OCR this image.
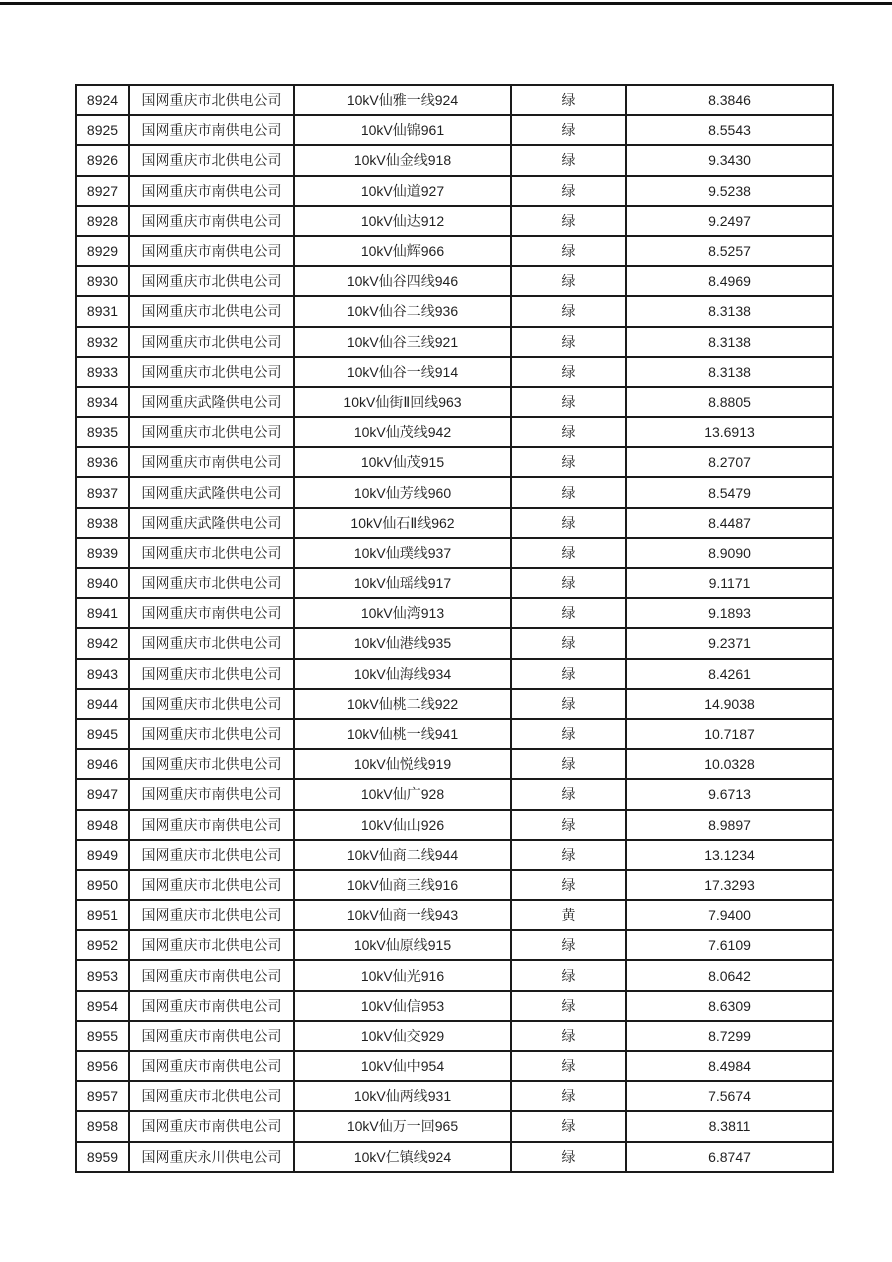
8924	国网重庆市北供电公司	10kV仙雅一线924	绿	8.3846
8925	国网重庆市南供电公司	10kV仙锦961	绿	8.5543
8926	国网重庆市北供电公司	10kV仙金线918	绿	9.3430
8927	国网重庆市南供电公司	10kV仙道927	绿	9.5238
8928	国网重庆市南供电公司	10kV仙达912	绿	9.2497
8929	国网重庆市南供电公司	10kV仙辉966	绿	8.5257
8930	国网重庆市北供电公司	10kV仙谷四线946	绿	8.4969
8931	国网重庆市北供电公司	10kV仙谷二线936	绿	8.3138
8932	国网重庆市北供电公司	10kV仙谷三线921	绿	8.3138
8933	国网重庆市北供电公司	10kV仙谷一线914	绿	8.3138
8934	国网重庆武隆供电公司	10kV仙街Ⅱ回线963	绿	8.8805
8935	国网重庆市北供电公司	10kV仙茂线942	绿	13.6913
8936	国网重庆市南供电公司	10kV仙茂915	绿	8.2707
8937	国网重庆武隆供电公司	10kV仙芳线960	绿	8.5479
8938	国网重庆武隆供电公司	10kV仙石Ⅱ线962	绿	8.4487
8939	国网重庆市北供电公司	10kV仙璞线937	绿	8.9090
8940	国网重庆市北供电公司	10kV仙瑶线917	绿	9.1171
8941	国网重庆市南供电公司	10kV仙湾913	绿	9.1893
8942	国网重庆市北供电公司	10kV仙港线935	绿	9.2371
8943	国网重庆市北供电公司	10kV仙海线934	绿	8.4261
8944	国网重庆市北供电公司	10kV仙桃二线922	绿	14.9038
8945	国网重庆市北供电公司	10kV仙桃一线941	绿	10.7187
8946	国网重庆市北供电公司	10kV仙悦线919	绿	10.0328
8947	国网重庆市南供电公司	10kV仙广928	绿	9.6713
8948	国网重庆市南供电公司	10kV仙山926	绿	8.9897
8949	国网重庆市北供电公司	10kV仙商二线944	绿	13.1234
8950	国网重庆市北供电公司	10kV仙商三线916	绿	17.3293
8951	国网重庆市北供电公司	10kV仙商一线943	黄	7.9400
8952	国网重庆市北供电公司	10kV仙原线915	绿	7.6109
8953	国网重庆市南供电公司	10kV仙光916	绿	8.0642
8954	国网重庆市南供电公司	10kV仙信953	绿	8.6309
8955	国网重庆市南供电公司	10kV仙交929	绿	8.7299
8956	国网重庆市南供电公司	10kV仙中954	绿	8.4984
8957	国网重庆市北供电公司	10kV仙两线931	绿	7.5674
8958	国网重庆市南供电公司	10kV仙万一回965	绿	8.3811
8959	国网重庆永川供电公司	10kV仁镇线924	绿	6.8747
